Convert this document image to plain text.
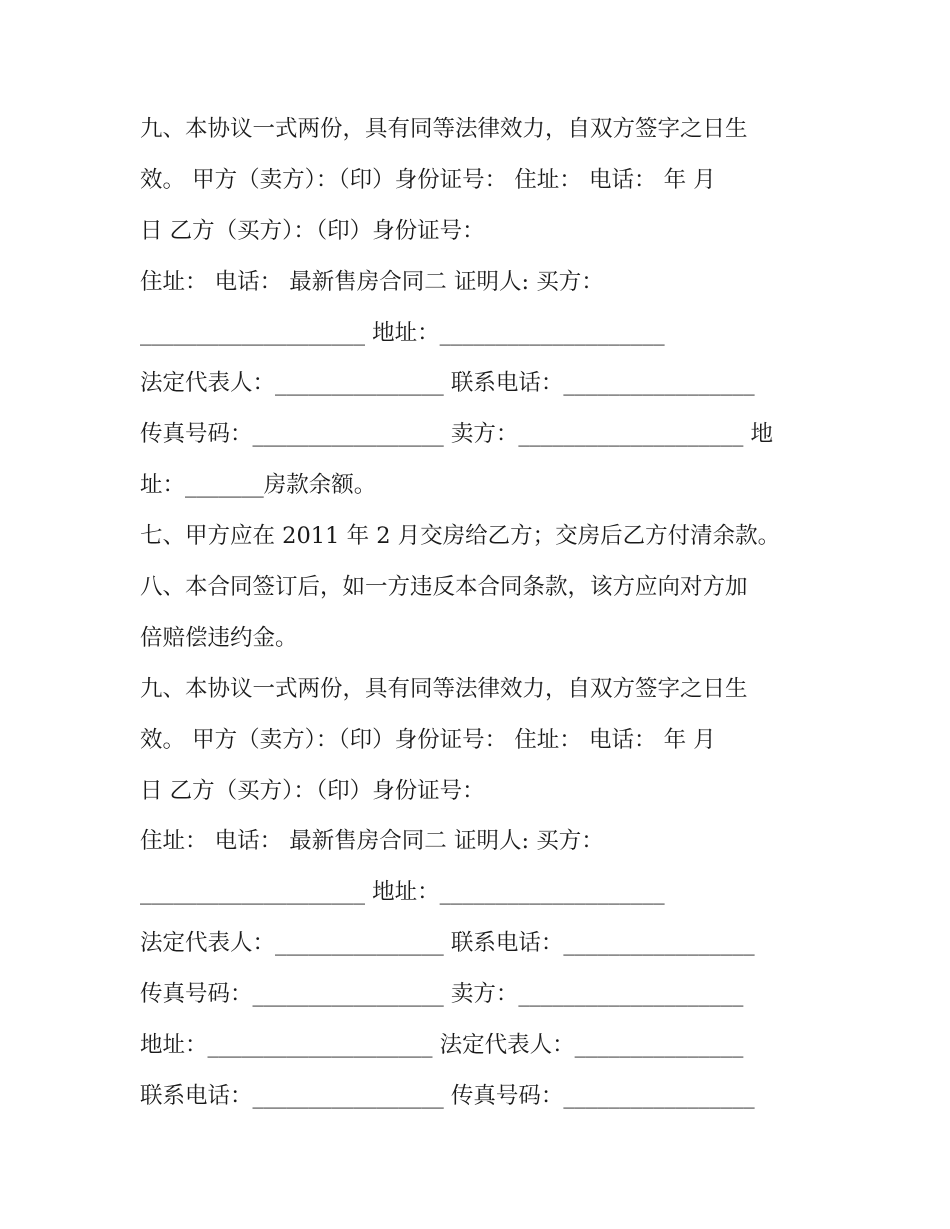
九、本协议一式两份，具有同等法律效力，自双方签字之日生
效。 甲方（卖方）：（印）身份证号： 住址： 电话： 年 月
日 乙方（买方）：（印）身份证号：
住址： 电话： 最新售房合同二 证明人: 买方：
____________________ 地址：____________________
法定代表人：_______________ 联系电话：_________________
传真号码：_________________ 卖方：____________________ 地
址：_______房款余额。
七、甲方应在 2011 年 2 月交房给乙方；交房后乙方付清余款。
八、本合同签订后，如一方违反本合同条款，该方应向对方加
倍赔偿违约金。
九、本协议一式两份，具有同等法律效力，自双方签字之日生
效。 甲方（卖方）：（印）身份证号： 住址： 电话： 年 月
日 乙方（买方）：（印）身份证号：
住址： 电话： 最新售房合同二 证明人: 买方：
____________________ 地址：____________________
法定代表人：_______________ 联系电话：_________________
传真号码：_________________ 卖方：____________________
地址：____________________ 法定代表人：_______________
联系电话：_________________ 传真号码：_________________
